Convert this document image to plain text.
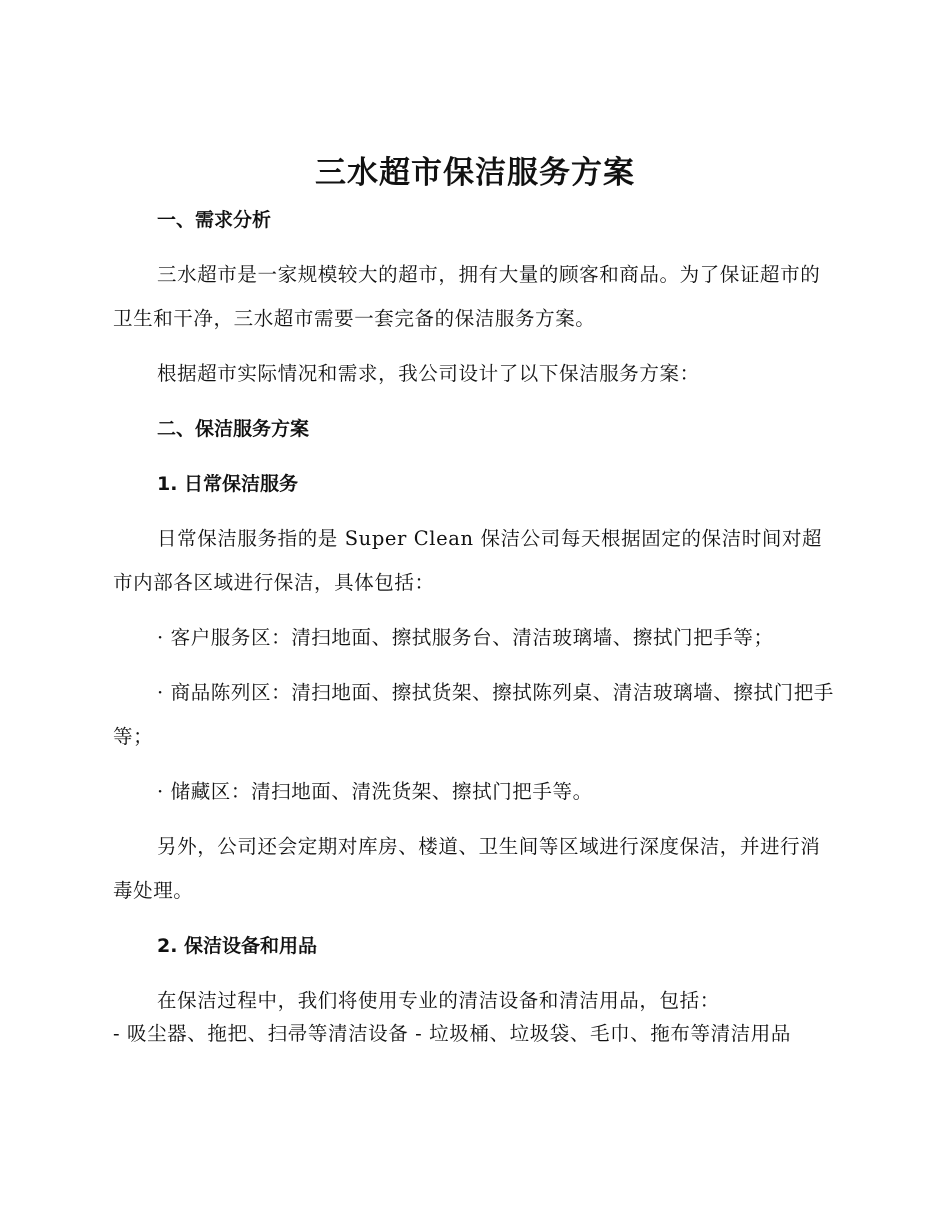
三水超市保洁服务方案
一、需求分析

三水超市是一家规模较大的超市，拥有大量的顾客和商品。为了保证超市的卫生和干净，三水超市需要一套完备的保洁服务方案。

根据超市实际情况和需求，我公司设计了以下保洁服务方案：

二、保洁服务方案
1. 日常保洁服务

日常保洁服务指的是 Super Clean 保洁公司每天根据固定的保洁时间对超市内部各区域进行保洁，具体包括：

· 客户服务区：清扫地面、擦拭服务台、清洁玻璃墙、擦拭门把手等；

· 商品陈列区：清扫地面、擦拭货架、擦拭陈列桌、清洁玻璃墙、擦拭门把手等；

· 储藏区：清扫地面、清洗货架、擦拭门把手等。

另外，公司还会定期对库房、楼道、卫生间等区域进行深度保洁，并进行消毒处理。

2. 保洁设备和用品

在保洁过程中，我们将使用专业的清洁设备和清洁用品，包括：

- 吸尘器、拖把、扫帚等清洁设备 - 垃圾桶、垃圾袋、毛巾、拖布等清洁用品
